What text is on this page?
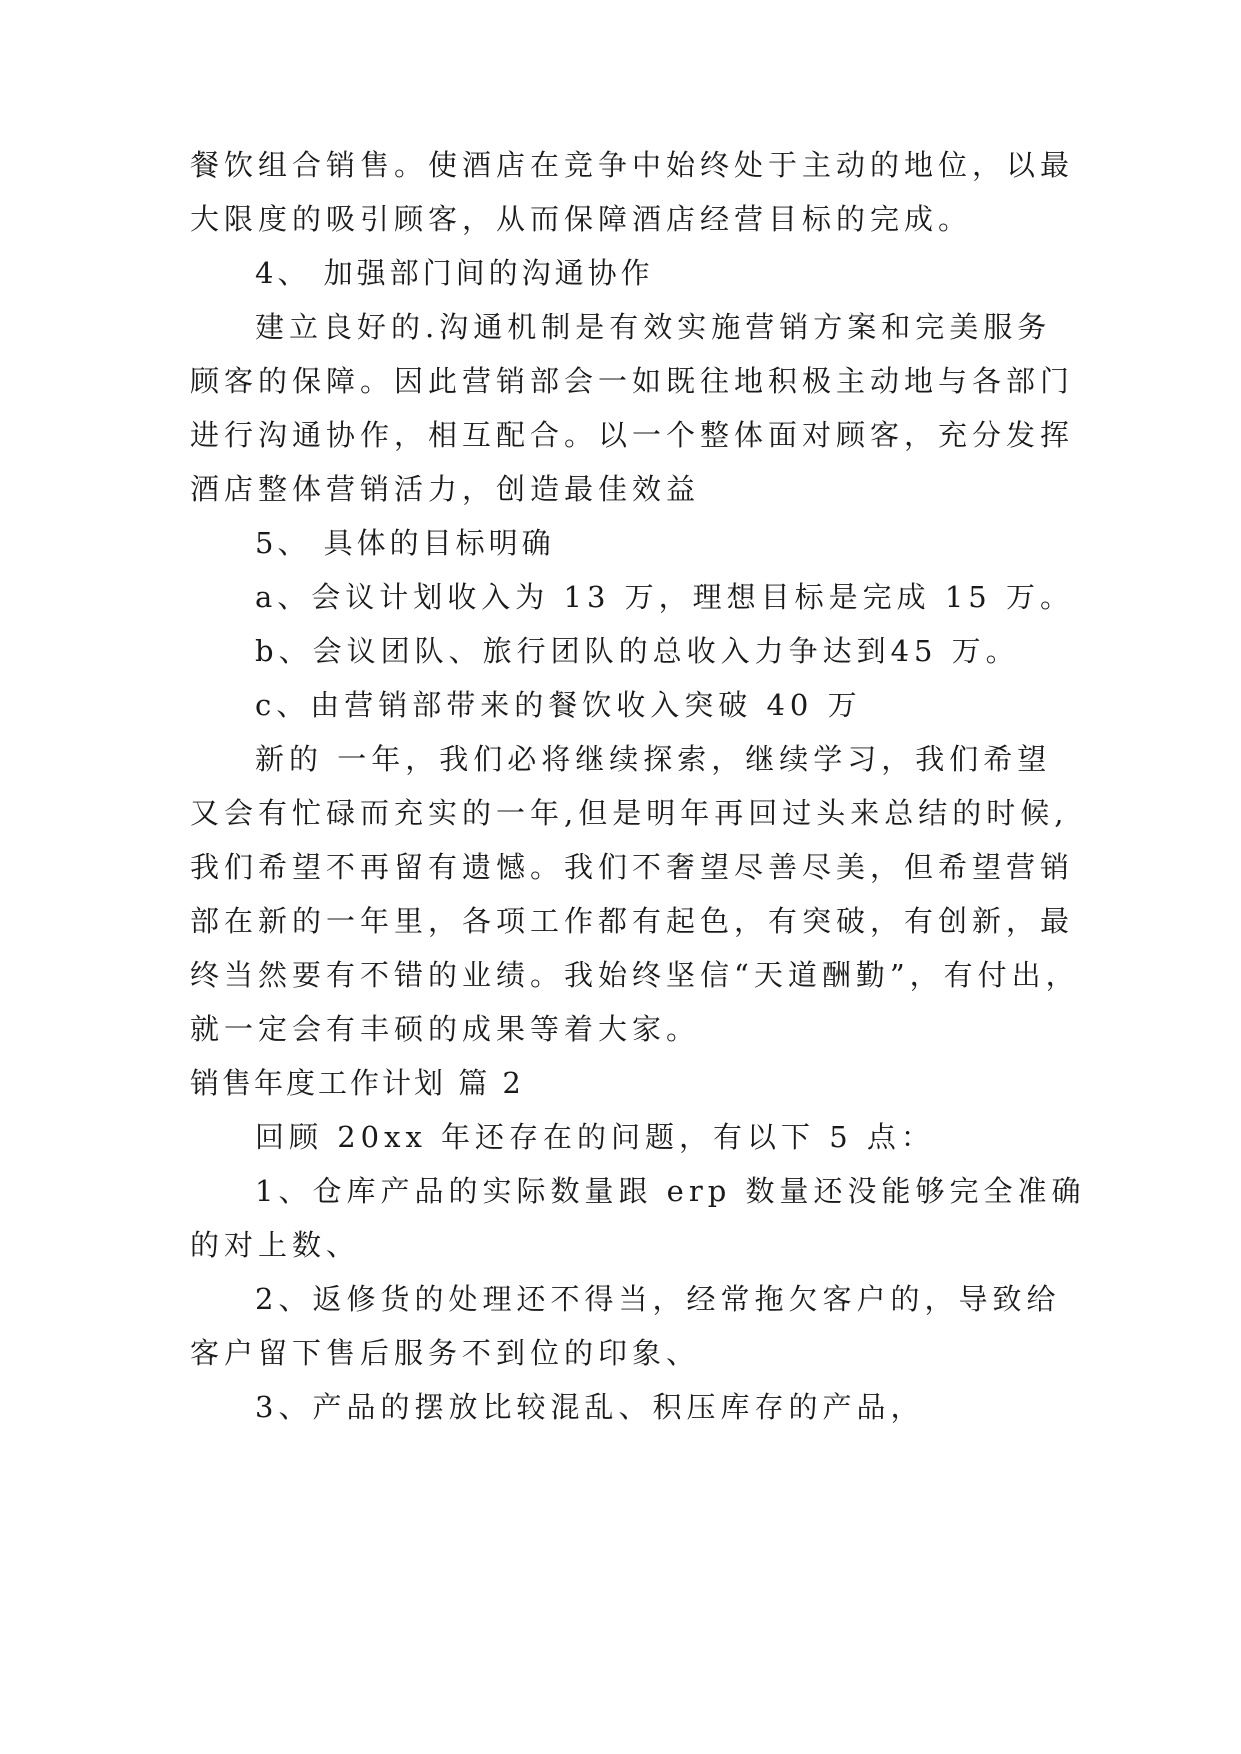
餐饮组合销售。使酒店在竞争中始终处于主动的地位，以最
大限度的吸引顾客，从而保障酒店经营目标的完成。
4、 加强部门间的沟通协作
建立良好的.沟通机制是有效实施营销方案和完美服务
顾客的保障。因此营销部会一如既往地积极主动地与各部门
进行沟通协作，相互配合。以一个整体面对顾客，充分发挥
酒店整体营销活力，创造最佳效益
5、 具体的目标明确
a、会议计划收入为 13 万，理想目标是完成 15 万。
b、会议团队、旅行团队的总收入力争达到45 万。
c、由营销部带来的餐饮收入突破 40 万
新的 一年，我们必将继续探索，继续学习，我们希望
又会有忙碌而充实的一年,但是明年再回过头来总结的时候,
我们希望不再留有遗憾。我们不奢望尽善尽美，但希望营销
部在新的一年里，各项工作都有起色，有突破，有创新，最
终当然要有不错的业绩。我始终坚信“天道酬勤”，有付出，
就一定会有丰硕的成果等着大家。
销售年度工作计划 篇 2
回顾 20xx 年还存在的问题，有以下 5 点：
1、仓库产品的实际数量跟 erp 数量还没能够完全准确
的对上数、
2、返修货的处理还不得当，经常拖欠客户的，导致给
客户留下售后服务不到位的印象、
3、产品的摆放比较混乱、积压库存的产品，
